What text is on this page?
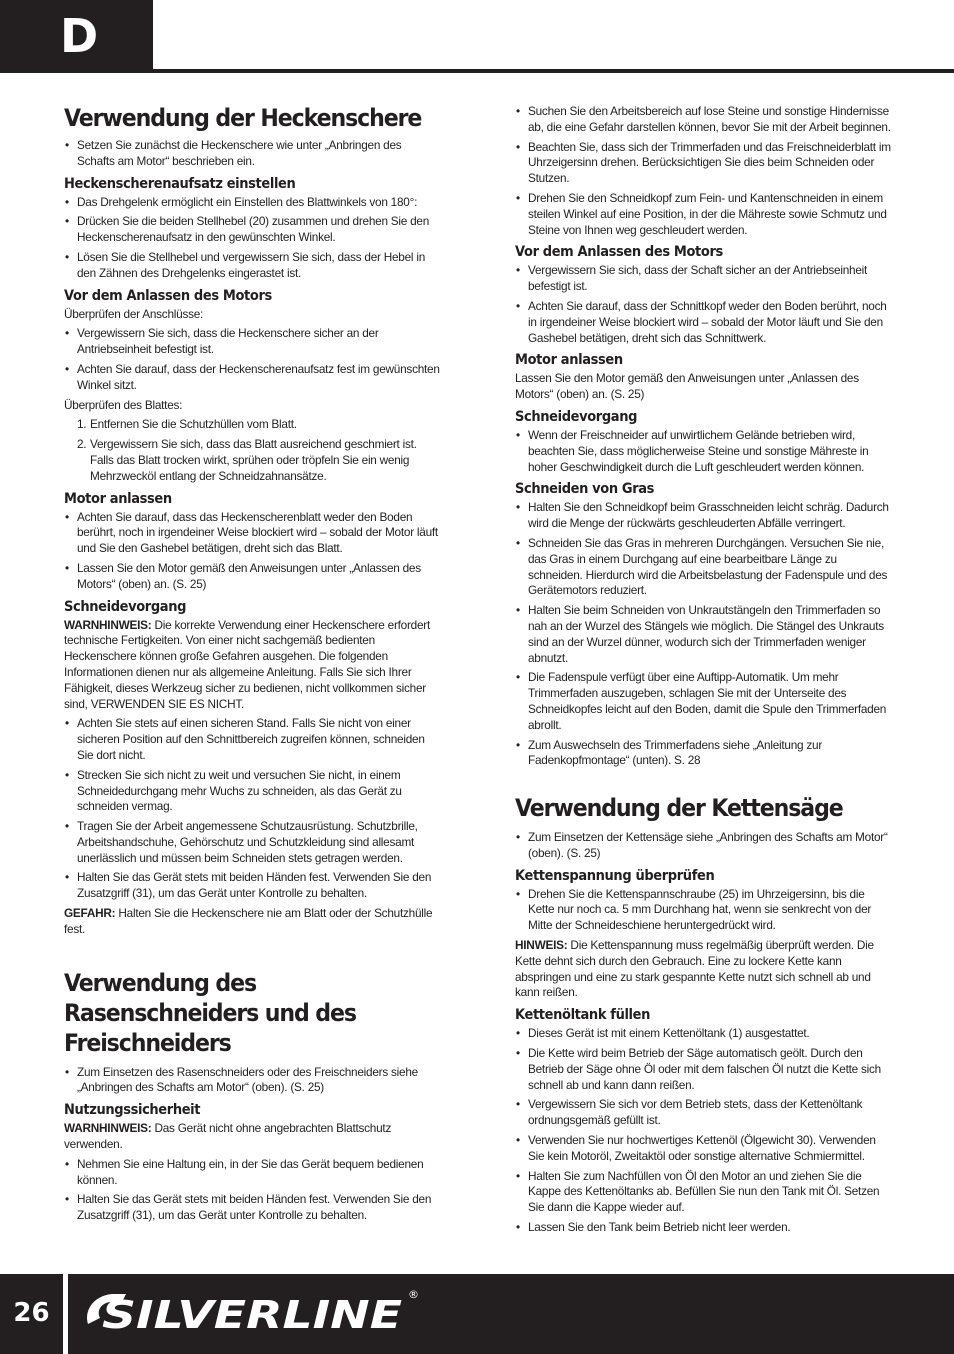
D
Verwendung der Heckenschere
• Setzen Sie zunächst die Heckenschere wie unter „Anbringen des Schafts am Motor“ beschrieben ein.
Heckenscherenaufsatz einstellen
• Das Drehgelenk ermöglicht ein Einstellen des Blattwinkels von 180°:
• Drücken Sie die beiden Stellhebel (20) zusammen und drehen Sie den Heckenscherenaufsatz in den gewünschten Winkel.
• Lösen Sie die Stellhebel und vergewissern Sie sich, dass der Hebel in den Zähnen des Drehgelenks eingerastet ist.
Vor dem Anlassen des Motors

Überprüfen der Anschlüsse:

• Vergewissern Sie sich, dass die Heckenschere sicher an der Antriebseinheit befestigt ist.
• Achten Sie darauf, dass der Heckenscherenaufsatz fest im gewünschten Winkel sitzt.

Überprüfen des Blattes:

1. Entfernen Sie die Schutzhüllen vom Blatt.
2. Vergewissern Sie sich, dass das Blatt ausreichend geschmiert ist. Falls das Blatt trocken wirkt, sprühen oder tröpfeln Sie ein wenig Mehrzwecköl entlang der Schneidzahnansätze.
Motor anlassen
• Achten Sie darauf, dass das Heckenscherenblatt weder den Boden berührt, noch in irgendeiner Weise blockiert wird – sobald der Motor läuft und Sie den Gashebel betätigen, dreht sich das Blatt.
• Lassen Sie den Motor gemäß den Anweisungen unter „Anlassen des Motors“ (oben) an. (S. 25)
Schneidevorgang

WARNHINWEIS: Die korrekte Verwendung einer Heckenschere erfordert technische Fertigkeiten. Von einer nicht sachgemäß bedienten Heckenschere können große Gefahren ausgehen. Die folgenden Informationen dienen nur als allgemeine Anleitung. Falls Sie sich Ihrer Fähigkeit, dieses Werkzeug sicher zu bedienen, nicht vollkommen sicher sind, VERWENDEN SIE ES NICHT.

• Achten Sie stets auf einen sicheren Stand. Falls Sie nicht von einer sicheren Position auf den Schnittbereich zugreifen können, schneiden Sie dort nicht.
• Strecken Sie sich nicht zu weit und versuchen Sie nicht, in einem Schneidedurchgang mehr Wuchs zu schneiden, als das Gerät zu schneiden vermag.
• Tragen Sie der Arbeit angemessene Schutzausrüstung. Schutzbrille, Arbeitshandschuhe, Gehörschutz und Schutzkleidung sind allesamt unerlässlich und müssen beim Schneiden stets getragen werden.
• Halten Sie das Gerät stets mit beiden Händen fest. Verwenden Sie den Zusatzgriff (31), um das Gerät unter Kontrolle zu behalten.

GEFAHR: Halten Sie die Heckenschere nie am Blatt oder der Schutzhülle fest.

Verwendung des
Rasenschneiders und des
Freischneiders
• Zum Einsetzen des Rasenschneiders oder des Freischneiders siehe „Anbringen des Schafts am Motor“ (oben). (S. 25)
Nutzungssicherheit

WARNHINWEIS: Das Gerät nicht ohne angebrachten Blattschutz verwenden.

• Nehmen Sie eine Haltung ein, in der Sie das Gerät bequem bedienen können.
• Halten Sie das Gerät stets mit beiden Händen fest. Verwenden Sie den Zusatzgriff (31), um das Gerät unter Kontrolle zu behalten.
• Suchen Sie den Arbeitsbereich auf lose Steine und sonstige Hindernisse ab, die eine Gefahr darstellen können, bevor Sie mit der Arbeit beginnen.
• Beachten Sie, dass sich der Trimmerfaden und das Freischneiderblatt im Uhrzeigersinn drehen. Berücksichtigen Sie dies beim Schneiden oder Stutzen.
• Drehen Sie den Schneidkopf zum Fein- und Kantenschneiden in einem steilen Winkel auf eine Position, in der die Mähreste sowie Schmutz und Steine von Ihnen weg geschleudert werden.
Vor dem Anlassen des Motors
• Vergewissern Sie sich, dass der Schaft sicher an der Antriebseinheit befestigt ist.
• Achten Sie darauf, dass der Schnittkopf weder den Boden berührt, noch in irgendeiner Weise blockiert wird – sobald der Motor läuft und Sie den Gashebel betätigen, dreht sich das Schnittwerk.
Motor anlassen

Lassen Sie den Motor gemäß den Anweisungen unter „Anlassen des Motors“ (oben) an. (S. 25)

Schneidevorgang
• Wenn der Freischneider auf unwirtlichem Gelände betrieben wird, beachten Sie, dass möglicherweise Steine und sonstige Mähreste in hoher Geschwindigkeit durch die Luft geschleudert werden können.
Schneiden von Gras
• Halten Sie den Schneidkopf beim Grasschneiden leicht schräg. Dadurch wird die Menge der rückwärts geschleuderten Abfälle verringert.
• Schneiden Sie das Gras in mehreren Durchgängen. Versuchen Sie nie, das Gras in einem Durchgang auf eine bearbeitbare Länge zu schneiden. Hierdurch wird die Arbeitsbelastung der Fadenspule und des Gerätemotors reduziert.
• Halten Sie beim Schneiden von Unkrautstängeln den Trimmerfaden so nah an der Wurzel des Stängels wie möglich. Die Stängel des Unkrauts sind an der Wurzel dünner, wodurch sich der Trimmerfaden weniger abnutzt.
• Die Fadenspule verfügt über eine Auftipp-Automatik. Um mehr Trimmerfaden auszugeben, schlagen Sie mit der Unterseite des Schneidkopfes leicht auf den Boden, damit die Spule den Trimmerfaden abrollt.
• Zum Auswechseln des Trimmerfadens siehe „Anleitung zur Fadenkopfmontage“ (unten). S. 28
Verwendung der Kettensäge
• Zum Einsetzen der Kettensäge siehe „Anbringen des Schafts am Motor“ (oben). (S. 25)
Kettenspannung überprüfen
• Drehen Sie die Kettenspannschraube (25) im Uhrzeigersinn, bis die Kette nur noch ca. 5 mm Durchhang hat, wenn sie senkrecht von der Mitte der Schneideschiene heruntergedrückt wird.

HINWEIS: Die Kettenspannung muss regelmäßig überprüft werden. Die Kette dehnt sich durch den Gebrauch. Eine zu lockere Kette kann abspringen und eine zu stark gespannte Kette nutzt sich schnell ab und kann reißen.

Kettenöltank füllen
• Dieses Gerät ist mit einem Kettenöltank (1) ausgestattet.
• Die Kette wird beim Betrieb der Säge automatisch geölt. Durch den Betrieb der Säge ohne Öl oder mit dem falschen Öl nutzt die Kette sich schnell ab und kann dann reißen.
• Vergewissern Sie sich vor dem Betrieb stets, dass der Kettenöltank ordnungsgemäß gefüllt ist.
• Verwenden Sie nur hochwertiges Kettenöl (Ölgewicht 30). Verwenden Sie kein Motoröl, Zweitaktöl oder sonstige alternative Schmiermittel.
• Halten Sie zum Nachfüllen von Öl den Motor an und ziehen Sie die Kappe des Kettenöltanks ab. Befüllen Sie nun den Tank mit Öl. Setzen Sie dann die Kappe wieder auf.
• Lassen Sie den Tank beim Betrieb nicht leer werden.
26	SILVERLINE ®
